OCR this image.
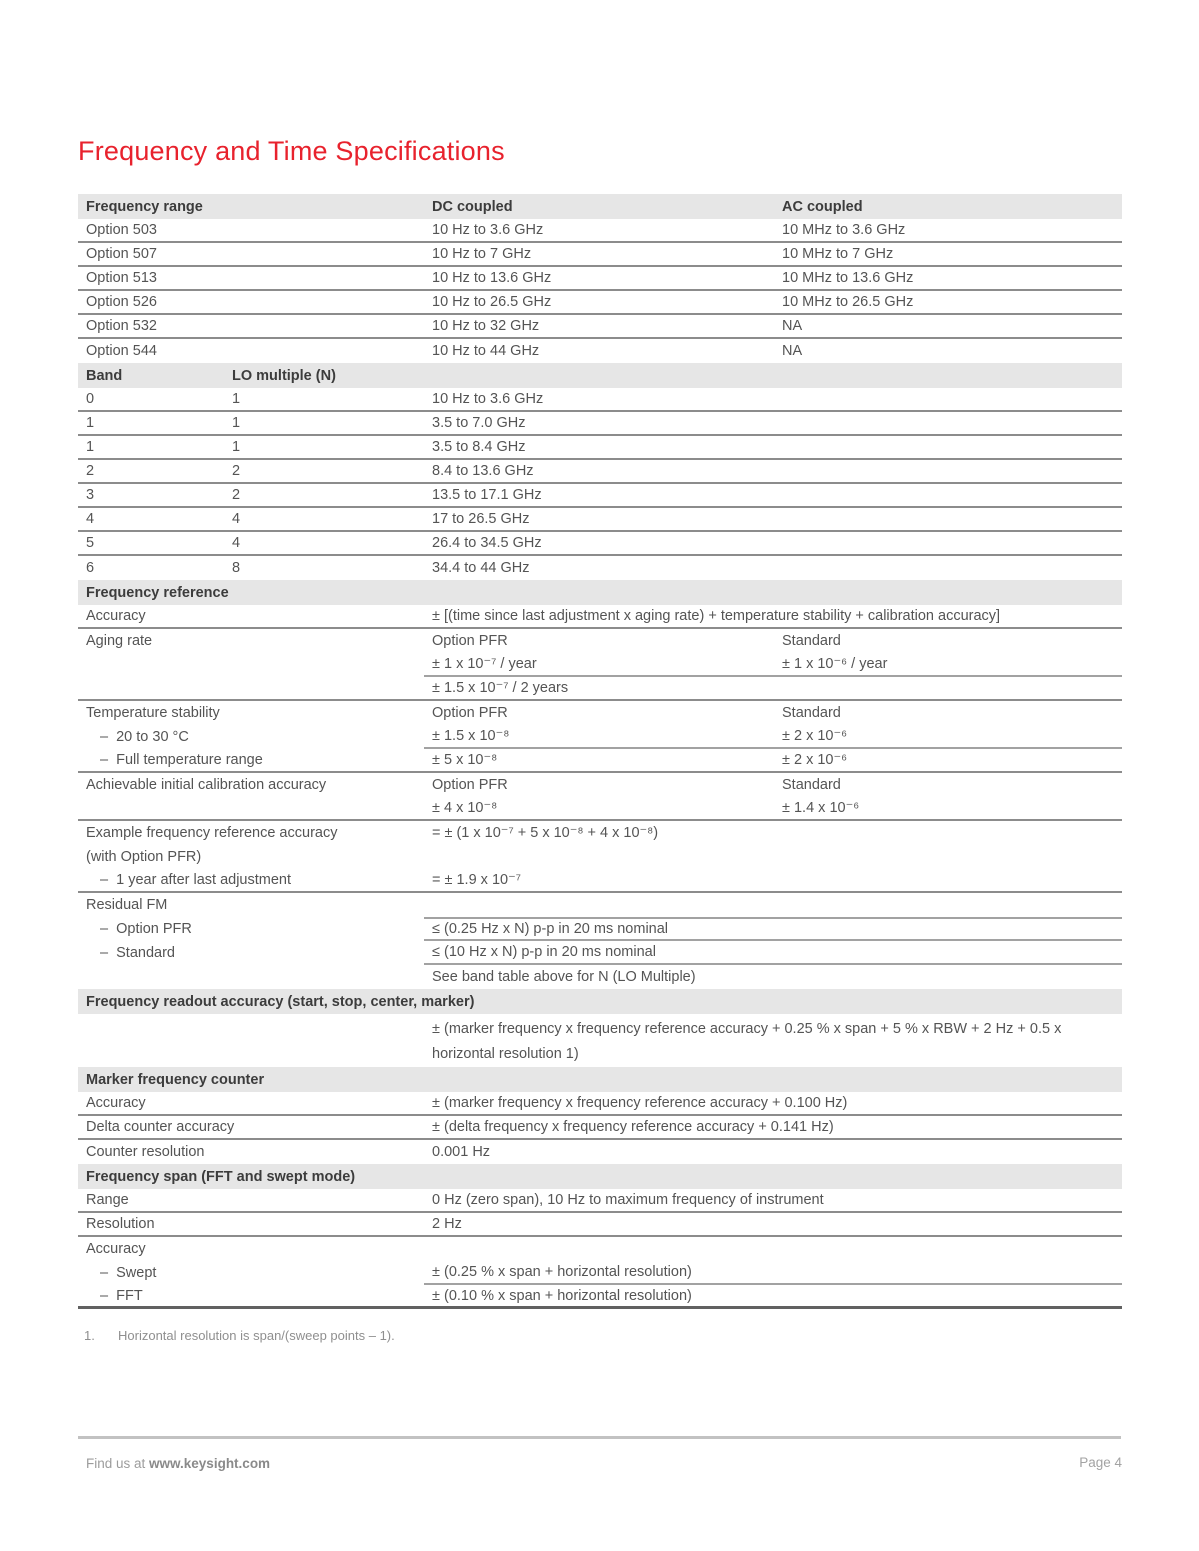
Frequency and Time Specifications
Frequency range	DC coupled	AC coupled
Option 503	10 Hz to 3.6 GHz	10 MHz to 3.6 GHz
Option 507	10 Hz to 7 GHz	10 MHz to 7 GHz
Option 513	10 Hz to 13.6 GHz	10 MHz to 13.6 GHz
Option 526	10 Hz to 26.5 GHz	10 MHz to 26.5 GHz
Option 532	10 Hz to 32 GHz	NA
Option 544	10 Hz to 44 GHz	NA
Band	LO multiple (N)
0	1	10 Hz to 3.6 GHz
1	1	3.5 to 7.0 GHz
1	1	3.5 to 8.4 GHz
2	2	8.4 to 13.6 GHz
3	2	13.5 to 17.1 GHz
4	4	17 to 26.5 GHz
5	4	26.4 to 34.5 GHz
6	8	34.4 to 44 GHz
Frequency reference
Accuracy	± [(time since last adjustment x aging rate) + temperature stability + calibration accuracy]
Aging rate	Option PFR	Standard
± 1 x 10⁻⁷ / year	± 1 x 10⁻⁶ / year
± 1.5 x 10⁻⁷ / 2 years
Temperature stability	Option PFR	Standard
–  20 to 30 °C	± 1.5 x 10⁻⁸	± 2 x 10⁻⁶
–  Full temperature range	± 5 x 10⁻⁸	± 2 x 10⁻⁶
Achievable initial calibration accuracy	Option PFR	Standard
± 4 x 10⁻⁸	± 1.4 x 10⁻⁶
Example frequency reference accuracy	= ± (1 x 10⁻⁷ + 5 x 10⁻⁸ + 4 x 10⁻⁸)
(with Option PFR)
–  1 year after last adjustment	= ± 1.9 x 10⁻⁷
Residual FM
–  Option PFR	≤ (0.25 Hz x N) p-p in 20 ms nominal
–  Standard	≤ (10 Hz x N) p-p in 20 ms nominal
See band table above for N (LO Multiple)
Frequency readout accuracy (start, stop, center, marker)
± (marker frequency x frequency reference accuracy + 0.25 % x span + 5 % x RBW + 2 Hz + 0.5 x horizontal resolution 1)
Marker frequency counter
Accuracy	± (marker frequency x frequency reference accuracy + 0.100 Hz)
Delta counter accuracy	± (delta frequency x frequency reference accuracy + 0.141 Hz)
Counter resolution	0.001 Hz
Frequency span (FFT and swept mode)
Range	0 Hz (zero span), 10 Hz to maximum frequency of instrument
Resolution	2 Hz
Accuracy
–  Swept	± (0.25 % x span + horizontal resolution)
–  FFT	± (0.10 % x span + horizontal resolution)
1. Horizontal resolution is span/(sweep points – 1).
Find us at www.keysight.com	Page 4
